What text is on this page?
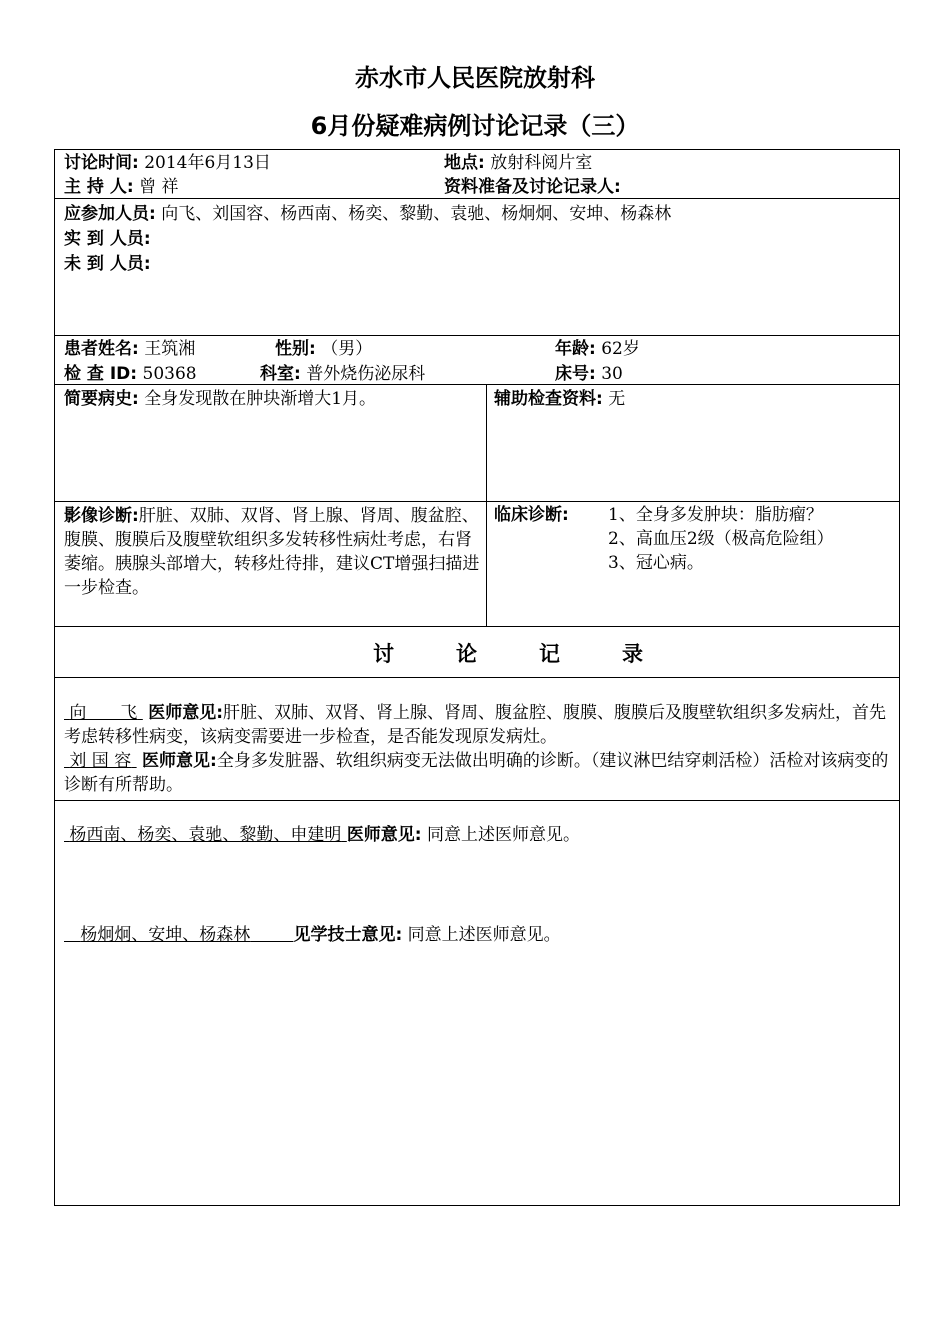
赤水市人民医院放射科
6月份疑难病例讨论记录（三）
讨论时间: 2014年6月13日	地点: 放射科阅片室
主 持 人: 曾 祥	资料准备及讨论记录人:
应参加人员: 向飞、刘国容、杨西南、杨奕、黎勤、袁驰、杨炯炯、安坤、杨森林
实 到 人员:
未 到 人员:
患者姓名: 王筑湘	性别: （男）	年龄: 62岁
检 查 ID: 50368	科室: 普外烧伤泌尿科	床号: 30
简要病史: 全身发现散在肿块渐增大1月。	辅助检查资料: 无
影像诊断:肝脏、双肺、双肾、肾上腺、肾周、腹盆腔、腹膜、腹膜后及腹壁软组织多发转移性病灶考虑，右肾萎缩。胰腺头部增大，转移灶待排，建议CT增强扫描进一步检查。
临床诊断: 1、全身多发肿块：脂肪瘤？
2、高血压2级（极高危险组）
3、冠心病。
讨论记录
向　　飞 医师意见:肝脏、双肺、双肾、肾上腺、肾周、腹盆腔、腹膜、腹膜后及腹壁软组织多发病灶，首先考虑转移性病变，该病变需要进一步检查，是否能发现原发病灶。
刘 国 容 医师意见:全身多发脏器、软组织病变无法做出明确的诊断。（建议淋巴结穿刺活检）活检对该病变的诊断有所帮助。
杨西南、杨奕、袁驰、黎勤、申建明 医师意见: 同意上述医师意见。
杨炯炯、安坤、杨森林	见学技士意见: 同意上述医师意见。
